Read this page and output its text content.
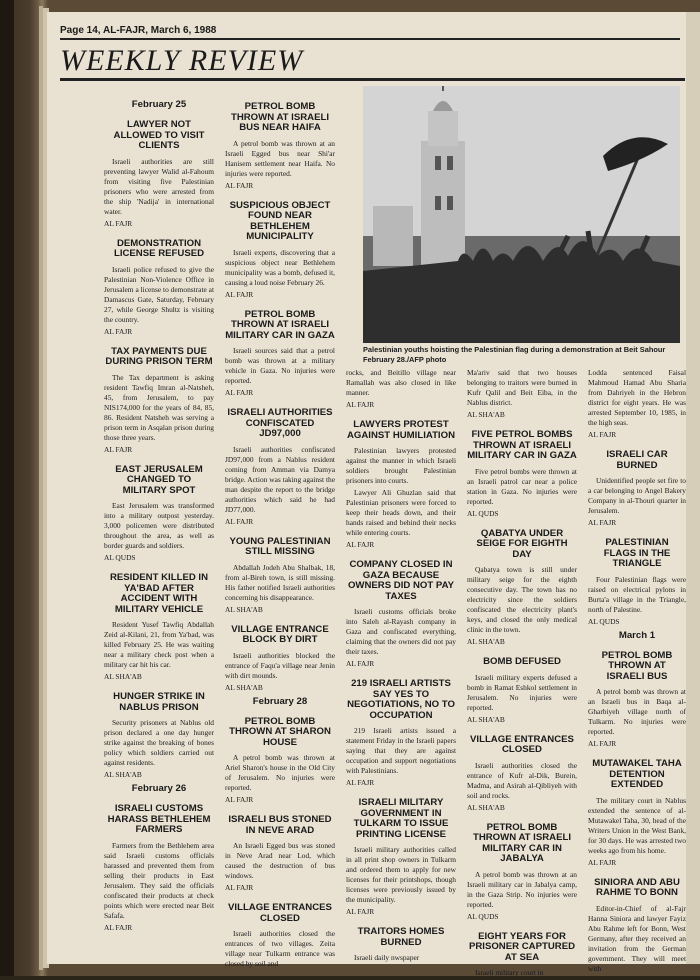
Page 14, AL-FAJR, March 6, 1988
WEEKLY REVIEW
February 25
LAWYER NOT ALLOWED TO VISIT CLIENTS

Israeli authorities are still preventing lawyer Walid al-Fahoum from visiting five Palestinian prisoners who were arrested from the ship 'Nadija' in international water.

AL FAJR

DEMONSTRATION LICENSE REFUSED

Israeli police refused to give the Palestinian Non-Violence Office in Jerusalem a license to demonstrate at Damascus Gate, Saturday, February 27, while George Shultz is visiting the country.

AL FAJR

TAX PAYMENTS DUE DURING PRISON TERM

The Tax department is asking resident Tawfiq Imran al-Natsheh, 45, from Jerusalem, to pay NIS174,000 for the years of 84, 85, 86. Resident Natsheh was serving a prison term in Asqalan prison during those three years.

AL FAJR

EAST JERUSALEM CHANGED TO MILITARY SPOT

East Jerusalem was transformed into a military outpost yesterday. 3,000 policemen were distributed throughout the area, as well as border guards and soldiers.

AL QUDS

RESIDENT KILLED IN YA'BAD AFTER ACCIDENT WITH MILITARY VEHICLE

Resident Yusef Tawfiq Abdallah Zeid al-Kilani, 21, from Ya'bad, was killed February 25. He was waiting near a military check post when a military car hit his car.

AL SHA'AB

HUNGER STRIKE IN NABLUS PRISON

Security prisoners at Nablus old prison declared a one day hunger strike against the breaking of bones policy which soldiers carried out against residents.

AL SHA'AB

February 26
ISRAELI CUSTOMS HARASS BETHLEHEM FARMERS

Farmers from the Bethlehem area said Israeli customs officials harassed and prevented them from selling their products in East Jerusalem. They said the officials confiscated their products at check points which were erected near Beit Safafa.

AL FAJR

PETROL BOMB THROWN AT ISRAELI BUS NEAR HAIFA

A petrol bomb was thrown at an Israeli Egged bus near Shi'ar Hanisem settlement near Haifa. No injuries were reported.

AL FAJR

SUSPICIOUS OBJECT FOUND NEAR BETHLEHEM MUNICIPALITY

Israeli experts, discovering that a suspicious object near Bethlehem municipality was a bomb, defused it, causing a loud noise February 26.

AL FAJR

PETROL BOMB THROWN AT ISRAELI MILITARY CAR IN GAZA

Israeli sources said that a petrol bomb was thrown at a military vehicle in Gaza. No injuries were reported.

AL FAJR

ISRAELI AUTHORITIES CONFISCATED JD97,000

Israeli authorities confiscated JD97,000 from a Nablus resident coming from Amman via Damya bridge. Action was taking against the man despite the report to the bridge authorities which said he had JD77,000.

AL FAJR

YOUNG PALESTINIAN STILL MISSING

Abdallah Jodeh Abu Shalbak, 18, from al-Bireh town, is still missing. His father notified Israeli authorities concerning his disappearance.

AL SHA'AB

VILLAGE ENTRANCE BLOCK BY DIRT

Israeli authorities blocked the entrance of Faqu'a village near Jenin with dirt mounds.

AL SHA'AB

February 28
PETROL BOMB THROWN AT SHARON HOUSE

A petrol bomb was thrown at Ariel Sharon's house in the Old City of Jerusalem. No injuries were reported.

AL FAJR

ISRAELI BUS STONED IN NEVE ARAD

An Israeli Egged bus was stoned in Neve Arad near Lod, which caused the destruction of bus windows.

AL FAJR

VILLAGE ENTRANCES CLOSED

Israeli authorities closed the entrances of two villages. Zeita village near Tulkarm entrance was closed by soil and

Palestinian youths hoisting the Palestinian flag during a demonstration at Beit Sahour February 28./AFP photo

rocks, and Beitillo village near Ramallah was also closed in like manner.

AL FAJR

LAWYERS PROTEST AGAINST HUMILIATION

Palestinian lawyers protested against the manner in which Israeli soldiers brought Palestinian prisoners into courts.

Lawyer Ali Ghuzlan said that Palestinian prisoners were forced to keep their heads down, and their hands raised and behind their necks while entering courts.

AL FAJR

COMPANY CLOSED IN GAZA BECAUSE OWNERS DID NOT PAY TAXES

Israeli customs officials broke into Saleh al-Rayash company in Gaza and confiscated everything, claiming that the owners did not pay their taxes.

AL FAJR

219 ISRAELI ARTISTS SAY YES TO NEGOTIATIONS, NO TO OCCUPATION

219 Israeli artists issued a statement Friday in the Israeli papers saying that they are against occupation and support negotiations with Palestinians.

AL FAJR

ISRAELI MILITARY GOVERNMENT IN TULKARM TO ISSUE PRINTING LICENSE

Israeli military authorities called in all print shop owners in Tulkarm and ordered them to apply for new licenses for their printshops, though licenses were previously issued by the municipality.

AL FAJR

TRAITORS HOMES BURNED

Israeli daily nwspaper

Ma'ariv said that two houses belonging to traitors were burned in Kufr Qalil and Beit Eiba, in the Nablus district.

AL SHA'AB

FIVE PETROL BOMBS THROWN AT ISRAELI MILITARY CAR IN GAZA

Five petrol bombs were thrown at an Israeli patrol car near a police station in Gaza. No injuries were reported.

AL QUDS

QABATYA UNDER SEIGE FOR EIGHTH DAY

Qabatya town is still under military seige for the eighth consecutive day. The town has no electricity since the soldiers confiscated the electricity plant's keys, and closed the only medical clinic in the town.

AL SHA'AB

BOMB DEFUSED

Israeli military experts defused a bomb in Ramat Eshkol settlement in Jerusalem. No injuries were reported.

AL SHA'AB

VILLAGE ENTRANCES CLOSED

Israeli authorities closed the entrance of Kufr al-Dik, Burein, Madma, and Asirah al-Qibliyeh with soil and rocks.

AL SHA'AB

PETROL BOMB THROWN AT ISRAELI MILITARY CAR IN JABALYA

A petrol bomb was thrown at an Israeli military car in Jabalya camp, in the Gaza Strip. No injuries were reported.

AL QUDS

EIGHT YEARS FOR PRISONER CAPTURED AT SEA

Israeli military court in

Lodda sentenced Faisal Mahmoud Hamad Abu Sharia from Dahriyeh in the Hebron district for eight years. He was arrested September 10, 1985, in the high seas.

AL FAJR

ISRAELI CAR BURNED

Unidentified people set fire to a car belonging to Angel Bakery Company in al-Thouri quarter in Jerusalem.

AL FAJR

PALESTINIAN FLAGS IN THE TRIANGLE

Four Palestinian flags were raised on electrical pylons in Burta'a village in the Triangle, north of Palestine.

AL QUDS

March 1
PETROL BOMB THROWN AT ISRAELI BUS

A petrol bomb was thrown at an Israeli bus in Baqa al-Gharbiyeh village north of Tulkarm. No injuries were reported.

AL FAJR

MUTAWAKEL TAHA DETENTION EXTENDED

The military court in Nablus extended the sentence of al-Mutawakel Taha, 30, head of the Writers Union in the West Bank, for 30 days. He was arrested two weeks ago from his home.

AL FAJR

SINIORA AND ABU RAHME TO BONN

Editor-in-Chief of al-Fajr Hanna Siniora and lawyer Fayiz Abu Rahme left for Bonn, West Germany, after they received an invitation from the German government. They will meet with
